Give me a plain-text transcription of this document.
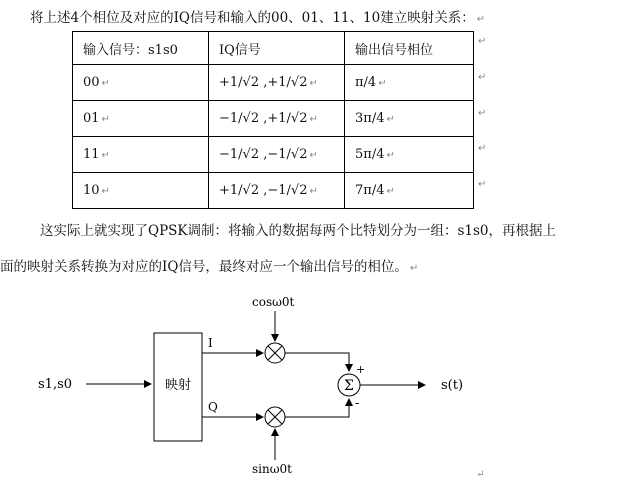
将上述4个相位及对应的IQ信号和输入的00、01、11、10建立映射关系： ↵
输入信号：s1s0	IQ信号	输出信号相位
00 ↵	+1/√2 ,+1/√2 ↵	π/4 ↵
01 ↵	−1/√2 ,+1/√2 ↵	3π/4 ↵
11 ↵	−1/√2 ,−1/√2 ↵	5π/4 ↵
10 ↵	+1/√2 ,−1/√2 ↵	7π/4 ↵
↵
↵
↵
↵
↵
这实际上就实现了QPSK调制：将输入的数据每两个比特划分为一组：s1s0，再根据上
面的映射关系转换为对应的IQ信号，最终对应一个输出信号的相位。 ↵
s1,s0	映射
I
Q
cosω0t
sinω0t
Σ
+
-
s(t)
↵
